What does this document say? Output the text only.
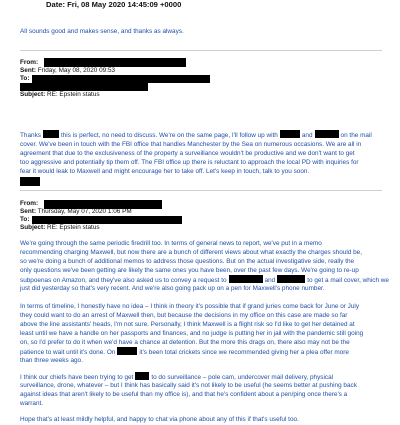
Date: Fri, 08 May 2020 14:45:09 +0000
All sounds good and makes sense, and thanks as always.
From:
Sent: Friday, May 08, 2020 09:53
To:
Subject: RE: Epstein status
Thanks	this is perfect, no need to discuss. We're on the same page, I'll follow up with	and	on the mail
cover. We've been in touch with the FBI office that handles Manchester by the Sea on numerous occasions. We are all in
agreement that due to the exclusiveness of the property a surveillance wouldn't be productive and we don't want to get
too aggressive and potentially tip them off. The FBI office up there is reluctant to approach the local PD with inquiries for
fear it would leak to Maxwell and might encourage her to take off. Let's keep in touch, talk to you soon.
From:
Sent: Thursday, May 07, 2020 1:06 PM
To:
Subject: RE: Epstein status
We're going through the same periodic firedrill too. In terms of general news to report, we've put in a memo
recommending charging Maxwell, but now there are a bunch of different views about what exactly the charges should be,
so we're doing a bunch of additional memos to address those questions. But on the actual investigative side, really the
only questions we've been getting are likely the same ones you have been, over the past few days. We're going to re-up
subpoenas on Amazon, and they've also asked us to convey a request to	and	to get a mail cover, which we
just did yesterday so that's very recent. And we're also going pack up on a pen for Maxwell's phone number.
In terms of timeline, I honestly have no idea – I think in theory it's possible that if grand juries come back for June or July
they could want to do an arrest of Maxwell then, but because the decisions in my office on this case are made so far
above the line assistants' heads, I'm not sure. Personally, I think Maxwell is a flight risk so I'd like to get her detained at
least until we have a handle on her passports and finances, and no judge is putting her in jail with the pandemic still going
on, so I'd prefer to do it when we'd have a chance at detention. But the more this drags on, there also may not be the
patience to wait until it's done. On	it's been total crickets since we recommended giving her a plea offer more
than three weeks ago.
I think our chiefs have been trying to get	to do surveillance – pole cam, undercover mail delivery, physical
surveillance, drone, whatever – but I think has basically said it's not likely to be useful (he seems better at pushing back
against ideas that aren't likely to be useful than my office is), and that he's confident about a pen/ping once there's a
warrant.
Hope that's at least mildly helpful, and happy to chat via phone about any of this if that's useful too.
